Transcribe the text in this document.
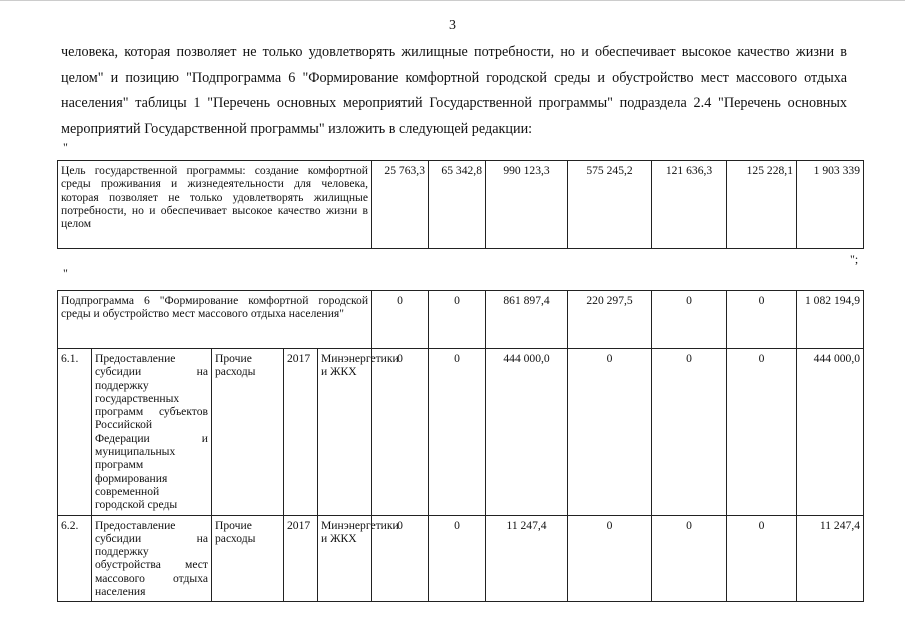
3
человека, которая позволяет не только удовлетворять жилищные потребности, но и обеспечивает высокое качество жизни в целом" и позицию "Подпрограмма 6 "Формирование комфортной городской среды и обустройство мест массового отдыха населения" таблицы 1 "Перечень основных мероприятий Государственной программы" подраздела 2.4 "Перечень основных мероприятий Государственной программы" изложить в следующей редакции:
"
Цель государственной программы: создание комфортной среды проживания и жизнедеятельности для человека, которая позволяет не только удовлетворять жилищные потребности, но и обеспечивает высокое качество жизни в целом	25 763,3	65 342,8	990 123,3	575 245,2	121 636,3	125 228,1	1 903 339
";
"
Подпрограмма 6 "Формирование комфортной городской среды и обустройство мест массового отдыха населения"					0	0	861 897,4	220 297,5	0	0	1 082 194,9
6.1.	Предоставление субсидии на поддержку государственных программ субъектов Российской Федерации и муниципальных программ формирования современной городской среды	Прочие расходы	2017	Минэнергетики и ЖКХ	0	0	444 000,0	0	0	0	444 000,0
6.2.	Предоставление субсидии на поддержку обустройства мест массового отдыха населения	Прочие расходы	2017	Минэнергетики и ЖКХ	0	0	11 247,4	0	0	0	11 247,4
